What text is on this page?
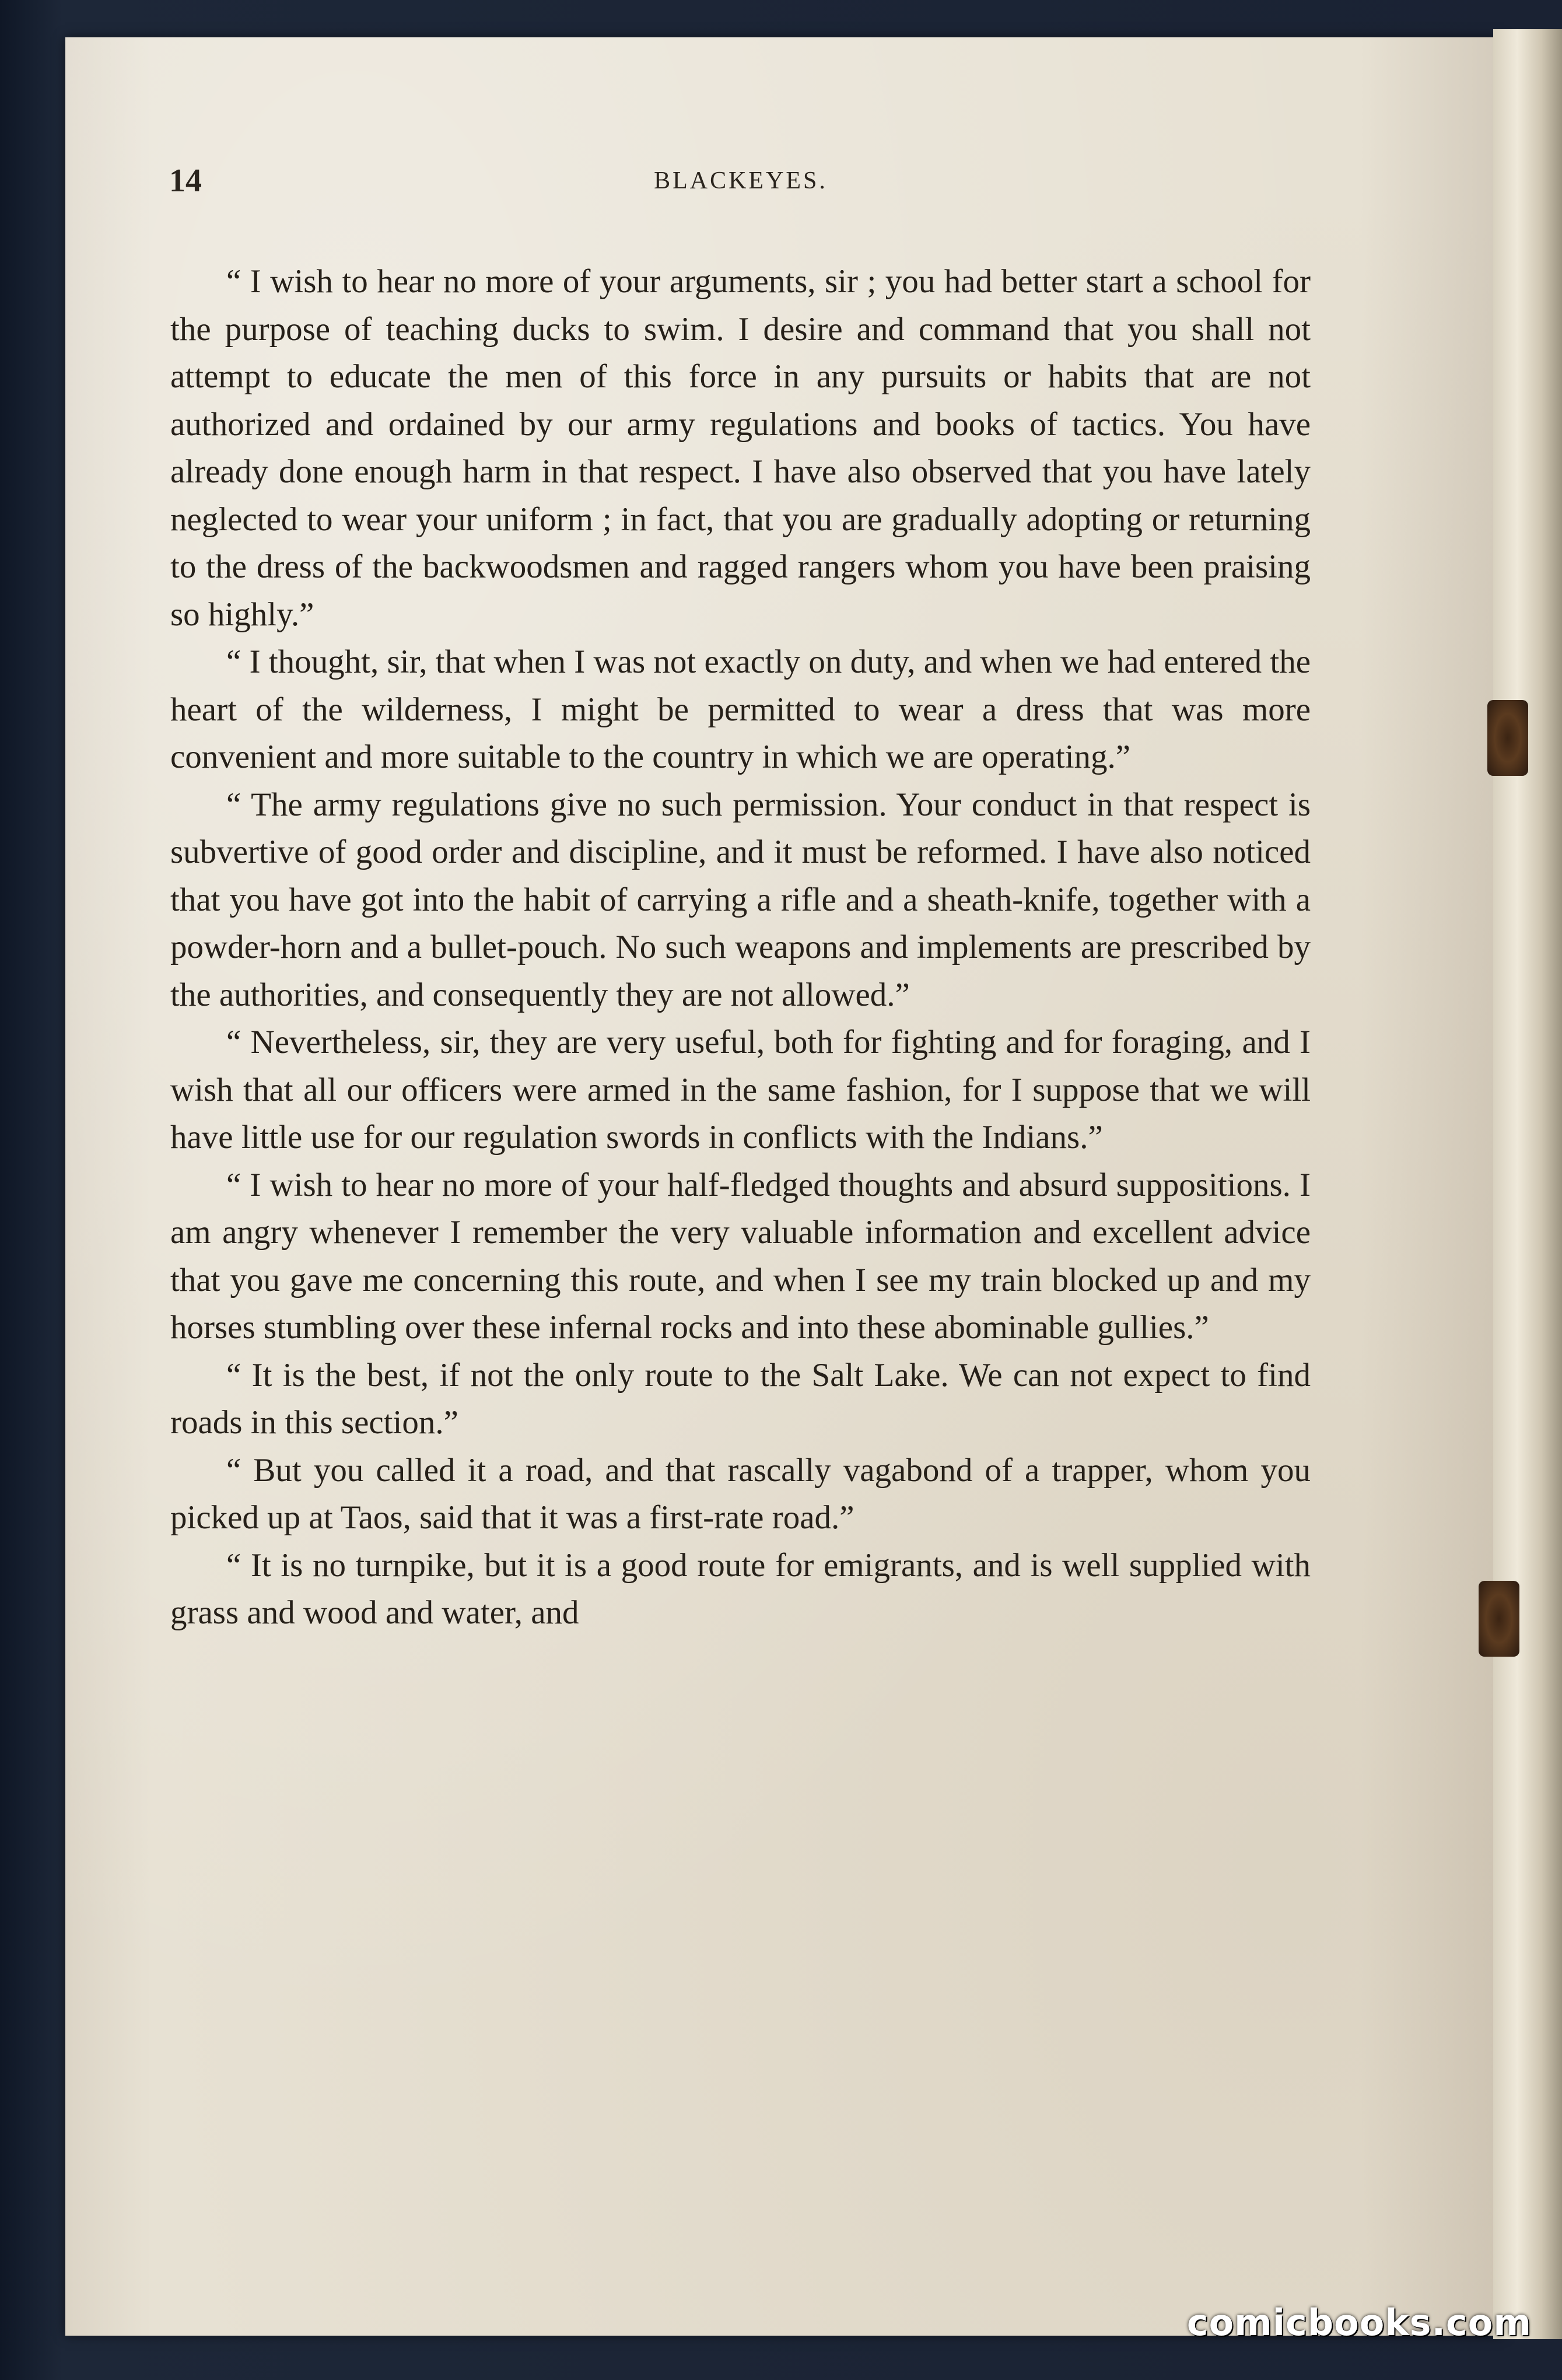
14	BLACKEYES.

“ I wish to hear no more of your arguments, sir ; you had better start a school for the purpose of teaching ducks to swim. I desire and command that you shall not attempt to educate the men of this force in any pursuits or habits that are not authorized and ordained by our army regulations and books of tactics. You have already done enough harm in that respect. I have also observed that you have lately neglected to wear your uniform ; in fact, that you are gradually adopting or returning to the dress of the backwoodsmen and ragged rangers whom you have been praising so highly.”

“ I thought, sir, that when I was not exactly on duty, and when we had entered the heart of the wilderness, I might be permitted to wear a dress that was more convenient and more suitable to the country in which we are operating.”

“ The army regulations give no such permission. Your conduct in that respect is subvertive of good order and discipline, and it must be reformed. I have also noticed that you have got into the habit of carrying a rifle and a sheath-knife, together with a powder-horn and a bullet-pouch. No such weapons and implements are prescribed by the authorities, and consequently they are not allowed.”

“ Nevertheless, sir, they are very useful, both for fighting and for foraging, and I wish that all our officers were armed in the same fashion, for I suppose that we will have little use for our regulation swords in conflicts with the Indians.”

“ I wish to hear no more of your half-fledged thoughts and absurd suppositions. I am angry whenever I remember the very valuable information and excellent advice that you gave me concerning this route, and when I see my train blocked up and my horses stumbling over these infernal rocks and into these abominable gullies.”

“ It is the best, if not the only route to the Salt Lake. We can not expect to find roads in this section.”

“ But you called it a road, and that rascally vagabond of a trapper, whom you picked up at Taos, said that it was a first-rate road.”

“ It is no turnpike, but it is a good route for emigrants, and is well supplied with grass and wood and water, and

comicbooks.com
